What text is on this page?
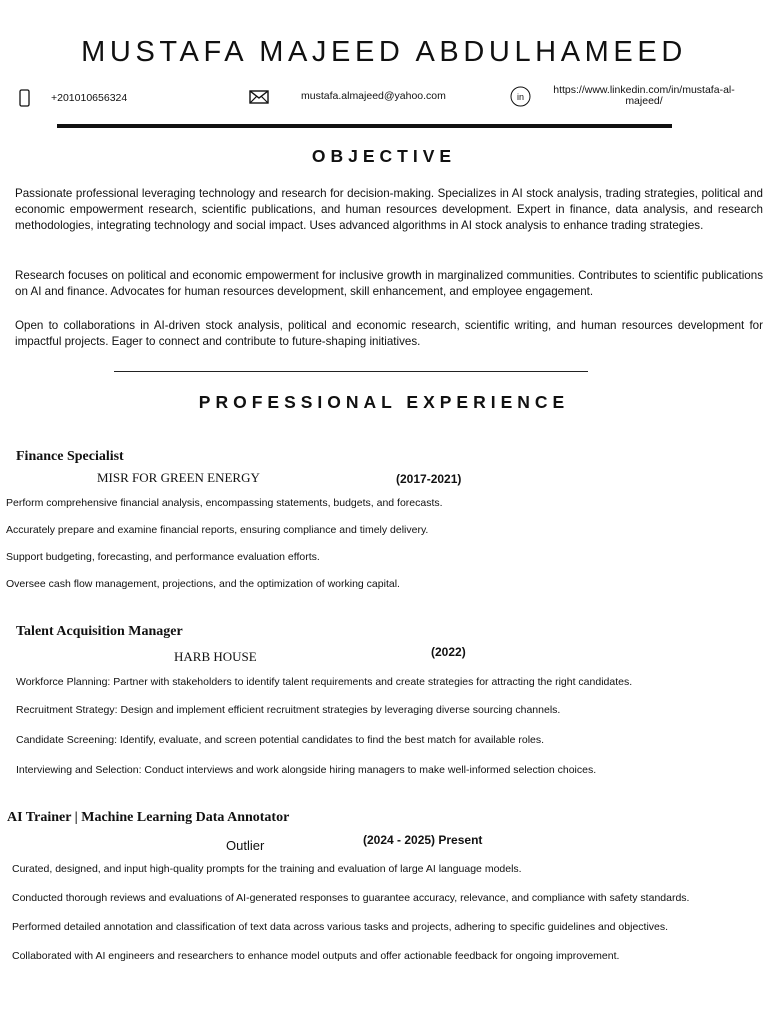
MUSTAFA MAJEED ABDULHAMEED
+201010656324	mustafa.almajeed@yahoo.com	in
https://www.linkedin.com/in/mustafa-al-
majeed/
OBJECTIVE
Passionate professional leveraging technology and research for decision-making. Specializes in AI stock analysis, trading strategies, political and economic empowerment research, scientific publications, and human resources development. Expert in finance, data analysis, and research methodologies, integrating technology and social impact. Uses advanced algorithms in AI stock analysis to enhance trading strategies.
Research focuses on political and economic empowerment for inclusive growth in marginalized communities. Contributes to scientific publications on AI and finance. Advocates for human resources development, skill enhancement, and employee engagement.
Open to collaborations in AI-driven stock analysis, political and economic research, scientific writing, and human resources development for impactful projects. Eager to connect and contribute to future-shaping initiatives.
PROFESSIONAL EXPERIENCE
Finance Specialist
MISR FOR GREEN ENERGY	(2017-2021)
Perform comprehensive financial analysis, encompassing statements, budgets, and forecasts.
Accurately prepare and examine financial reports, ensuring compliance and timely delivery.
Support budgeting, forecasting, and performance evaluation efforts.
Oversee cash flow management, projections, and the optimization of working capital.
Talent Acquisition Manager
HARB HOUSE	(2022)
Workforce Planning: Partner with stakeholders to identify talent requirements and create strategies for attracting the right candidates.
Recruitment Strategy: Design and implement efficient recruitment strategies by leveraging diverse sourcing channels.
Candidate Screening: Identify, evaluate, and screen potential candidates to find the best match for available roles.
Interviewing and Selection: Conduct interviews and work alongside hiring managers to make well-informed selection choices.
AI Trainer | Machine Learning Data Annotator
Outlier	(2024 - 2025) Present
Curated, designed, and input high-quality prompts for the training and evaluation of large AI language models.
Conducted thorough reviews and evaluations of AI-generated responses to guarantee accuracy, relevance, and compliance with safety standards.
Performed detailed annotation and classification of text data across various tasks and projects, adhering to specific guidelines and objectives.
Collaborated with AI engineers and researchers to enhance model outputs and offer actionable feedback for ongoing improvement.
